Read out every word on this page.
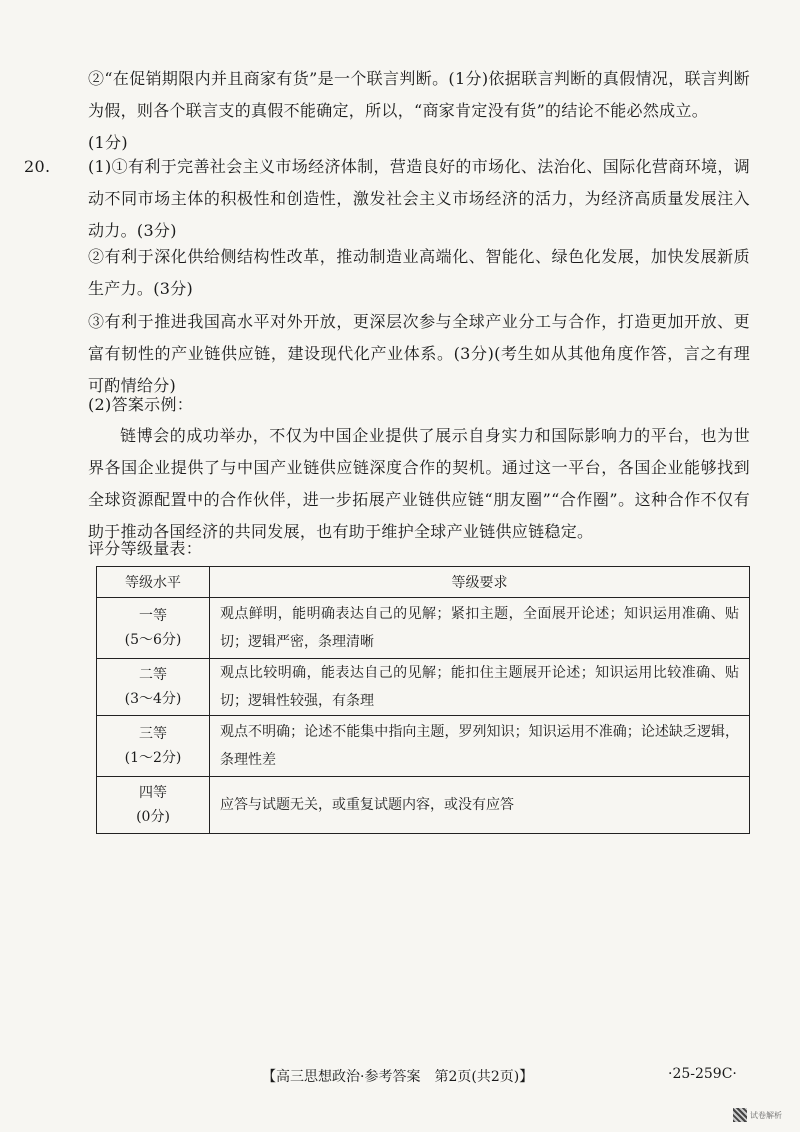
②“在促销期限内并且商家有货”是一个联言判断。(1分)依据联言判断的真假情况，联言判断为假，则各个联言支的真假不能确定，所以，“商家肯定没有货”的结论不能必然成立。

(1分)

20. (1)①有利于完善社会主义市场经济体制，营造良好的市场化、法治化、国际化营商环境，调动不同市场主体的积极性和创造性，激发社会主义市场经济的活力，为经济高质量发展注入动力。(3分)

②有利于深化供给侧结构性改革，推动制造业高端化、智能化、绿色化发展，加快发展新质生产力。(3分)

③有利于推进我国高水平对外开放，更深层次参与全球产业分工与合作，打造更加开放、更富有韧性的产业链供应链，建设现代化产业体系。(3分)(考生如从其他角度作答，言之有理可酌情给分)

(2)答案示例：

链博会的成功举办，不仅为中国企业提供了展示自身实力和国际影响力的平台，也为世界各国企业提供了与中国产业链供应链深度合作的契机。通过这一平台，各国企业能够找到全球资源配置中的合作伙伴，进一步拓展产业链供应链“朋友圈”“合作圈”。这种合作不仅有助于推动各国经济的共同发展，也有助于维护全球产业链供应链稳定。

评分等级量表：

等级水平	等级要求

一等
(5～6分)	观点鲜明，能明确表达自己的见解；紧扣主题，全面展开论述；知识运用准确、贴切；逻辑严密，条理清晰

二等
(3～4分)	观点比较明确，能表达自己的见解；能扣住主题展开论述；知识运用比较准确、贴切；逻辑性较强，有条理

三等
(1～2分)	观点不明确；论述不能集中指向主题，罗列知识；知识运用不准确；论述缺乏逻辑，条理性差

四等
(0分)	应答与试题无关，或重复试题内容，或没有应答
【高三思想政治·参考答案　第2页(共2页)】	·25-259C·
试卷解析
